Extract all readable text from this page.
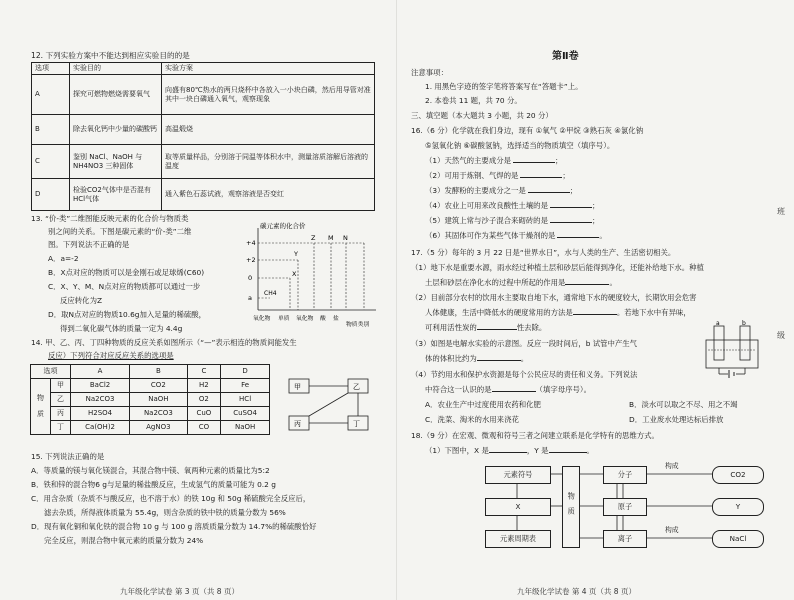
12. 下列实验方案中不能达到相应实验目的的是
选项	实验目的	实验方案
A	探究可燃物燃烧需要氧气	向盛有80℃热水的两只烧杯中各放入一小块白磷，然后用导管对准其中一块白磷通入氧气，观察现象
B	除去氧化钙中少量的碳酸钙	高温煅烧
C	鉴别 NaCl、NaOH 与 NH4NO3 三种固体	取等质量样品，分别溶于同温等体积水中，测量溶质溶解后溶液的温度
D	检验CO2气体中是否混有HCl气体	通入紫色石蕊试液，观察溶液是否变红
13. “价-类”二维图能反映元素的化合价与物质类
别之间的关系。下图是碳元素的“价-类”二维
图。下列说法不正确的是
A．a=-2
B．X点对应的物质可以是金刚石或足球烯(C60)
C．X、Y、M、N点对应的物质都可以通过一步
反应转化为Z
D．取N点对应的物质10.6g加入足量的稀硫酸，
得到二氧化碳气体的质量一定为 4.4g
碳元素的化合价
+4
+2
0
a
Y
Z M N
X
CH4
氧化物 单质 氧化物 酸 盐
物质类别
14. 甲、乙、丙、丁四种物质的反应关系如图所示（“—”表示相连的物质间能发生
反应）下列符合对应反应关系的选项是
选项		A	B	C	D
物
质	甲	BaCl2	CO2	H2	Fe
	乙	Na2CO3	NaOH	O2	HCl
	丙	H2SO4	Na2CO3	CuO	CuSO4
	丁	Ca(OH)2	AgNO3	CO	NaOH
甲	乙
丙	丁
15. 下列说法正确的是
A．等质量的镁与氧化镁混合，其混合物中镁、氧两种元素的质量比为5:2
B．铁和锌的混合物6 g与足量的稀盐酸反应，生成氢气的质量可能为 0.2 g
C．用含杂质（杂质不与酸反应，也不溶于水）的铁 10g 和 50g 稀硫酸完全反应后，
滤去杂质，所得液体质量为 55.4g，则含杂质的铁中铁的质量分数为 56%
D．现有氧化铜和氧化铁的混合物 10 g 与 100 g 溶质质量分数为 14.7%的稀硫酸恰好
完全反应，则混合物中氧元素的质量分数为 24%
九年级化学试卷 第 3 页（共 8 页）
第Ⅱ卷
注意事项：
1. 用黑色字迹的签字笔将答案写在“答题卡”上。
2. 本卷共 11 题，共 70 分。
三、填空题（本大题共 3 小题，共 20 分）
16.（6 分）化学就在我们身边，现有 ①氧气 ②甲烷 ③熟石灰 ④氯化钠
⑤氢氧化钠 ⑥碳酸氢钠，选择适当的物质填空（填序号）。
（1）天然气的主要成分是	；
（2）可用于炼钢、气焊的是	；
（3）发酵粉的主要成分之一是	；
（4）农业上可用来改良酸性土壤的是	；
（5）建筑上常与沙子混合来砌砖的是	；
（6）其固体可作为某些气体干燥剂的是	。
17.（5 分）每年的 3 月 22 日是“世界水日”，水与人类的生产、生活密切相关。
（1）地下水是重要水源，雨水经过种植土层和砂层后能得到净化，还能补给地下水。种植
土层和砂层在净化水的过程中所起的作用是	。
（2）目前部分农村的饮用水主要取自地下水，通常地下水的硬度较大，长期饮用会危害
人体健康，生活中降低水的硬度常用的方法是	。若地下水中有异味，
可利用活性炭的	性去除。
（3）如图是电解水实验的示意图。反应一段时间后，b 试管中产生气
体的体积比约为	。
a	b
（4）节约用水和保护水资源是每个公民应尽的责任和义务。下列说法
中符合这一认识的是	（填字母序号）。
A．农业生产中过度使用农药和化肥	B．淡水可以取之不尽、用之不竭
C．洗菜、淘米的水用来浇花	D．工业废水处理达标后排放
18.（9 分）在宏观、微观和符号三者之间建立联系是化学特有的思维方式。
（1）下图中，X 是	，Y 是	。
元素符号
X
元素周期表
物质
分子
原子
离子
构成
构成
CO2
Y
NaCl
班
级
九年级化学试卷 第 4 页（共 8 页）
